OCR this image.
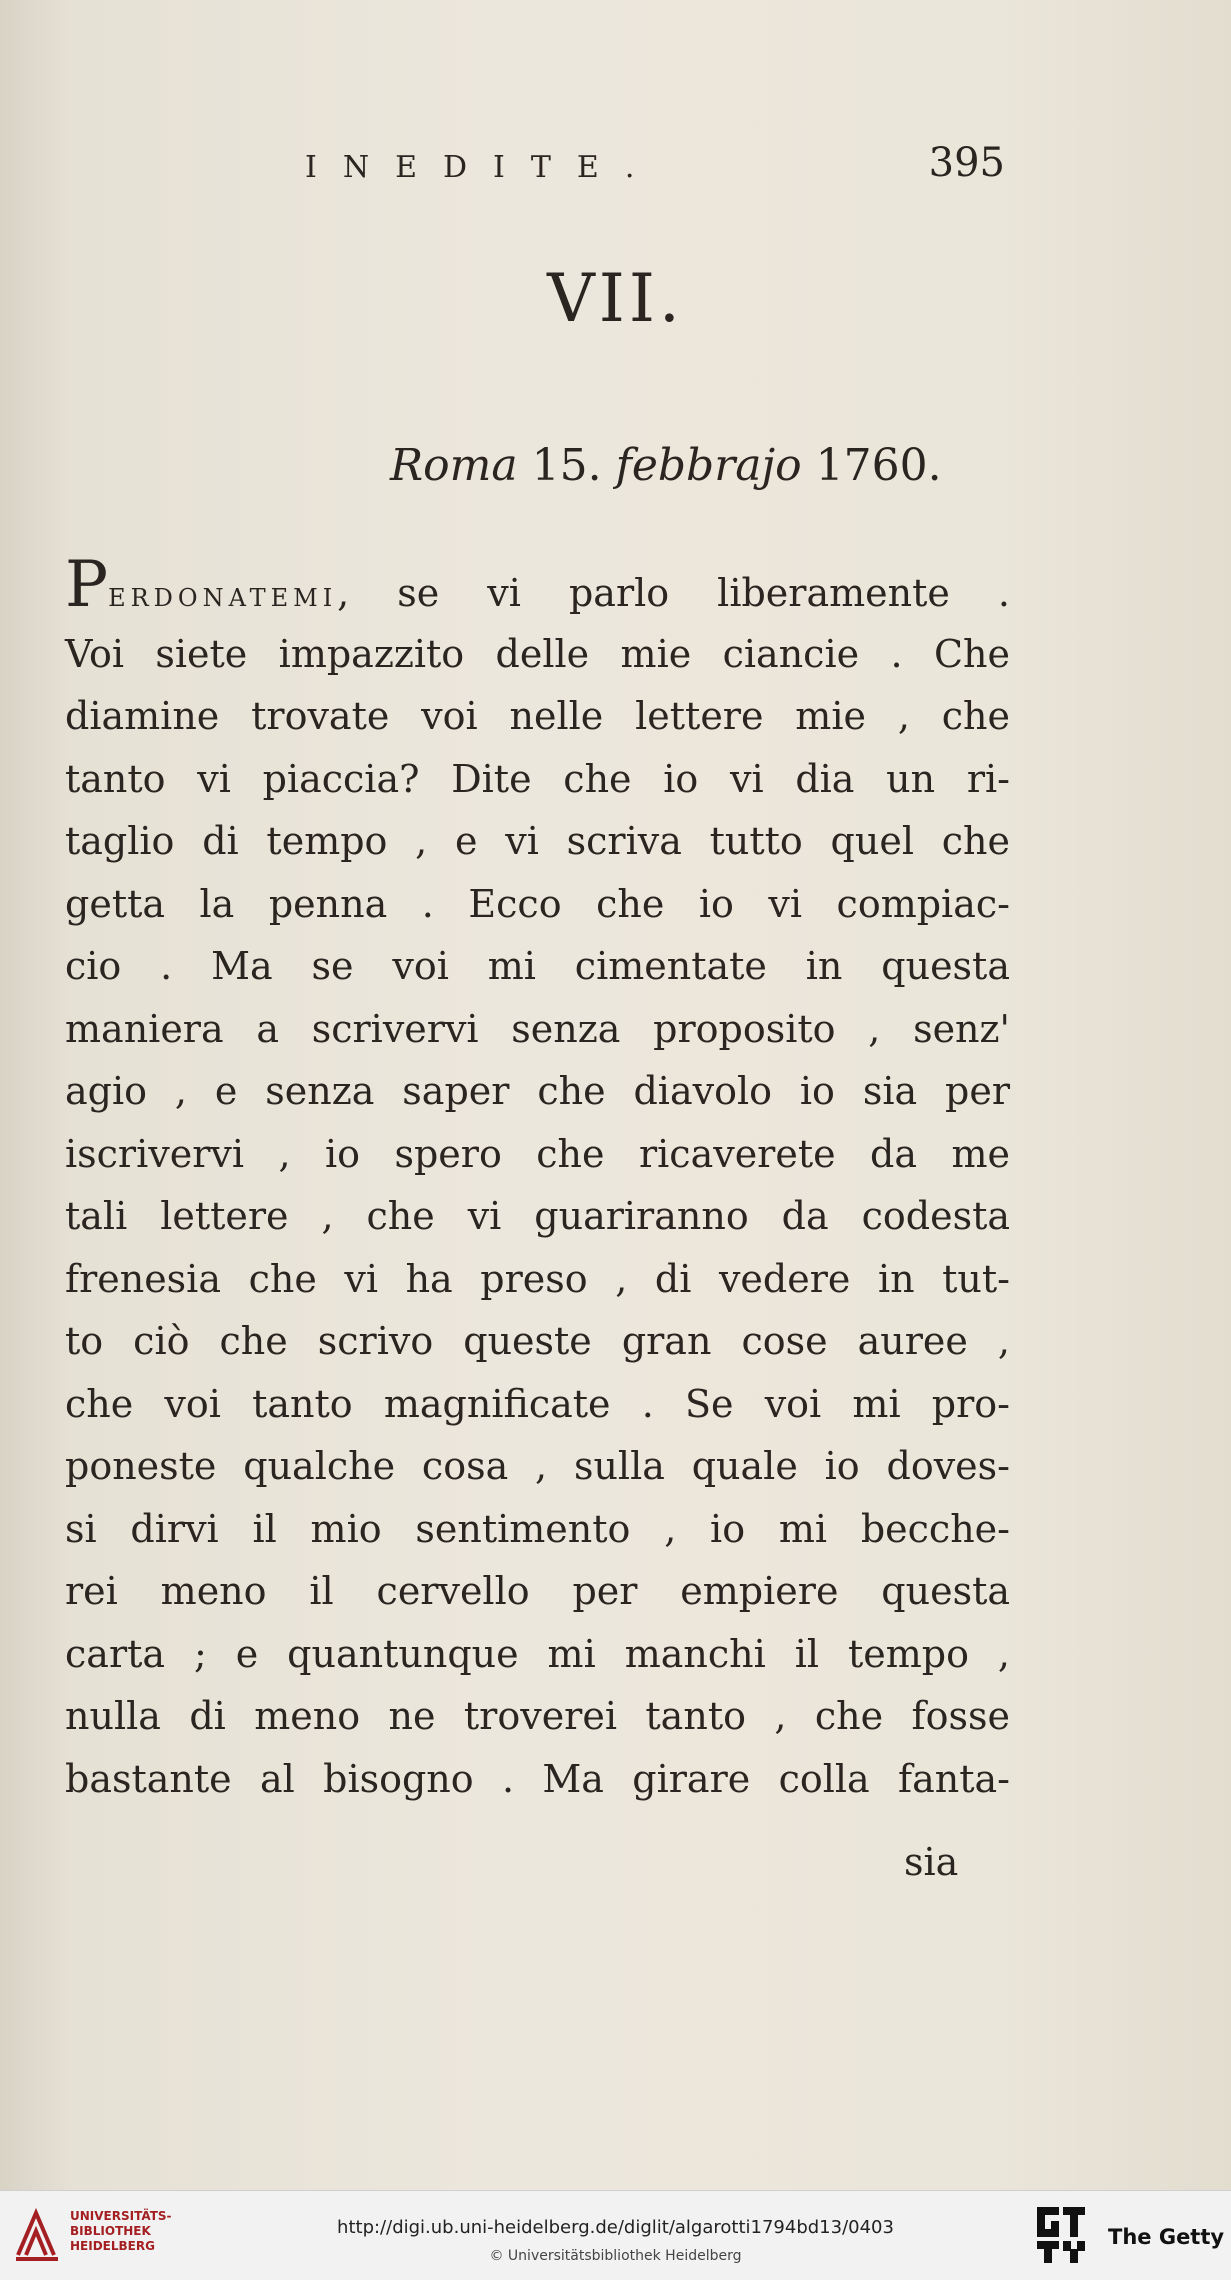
INEDITE.	395
VII.
Roma 15. febbrajo 1760.
PERDONATEMI, se vi parlo liberamente .
Voi siete impazzito delle mie ciancie . Che
diamine trovate voi nelle lettere mie , che
tanto vi piaccia? Dite che io vi dia un ri-
taglio di tempo , e vi scriva tutto quel che
getta la penna . Ecco che io vi compiac-
cio . Ma se voi mi cimentate in questa
maniera a scrivervi senza proposito , senz'
agio , e senza saper che diavolo io sia per
iscrivervi , io spero che ricaverete da me
tali lettere , che vi guariranno da codesta
frenesia che vi ha preso , di vedere in tut-
to ciò che scrivo queste gran cose auree ,
che voi tanto magnificate . Se voi mi pro-
poneste qualche cosa , sulla quale io doves-
si dirvi il mio sentimento , io mi becche-
rei meno il cervello per empiere questa
carta ; e quantunque mi manchi il tempo ,
nulla di meno ne troverei tanto , che fosse
bastante al bisogno . Ma girare colla fanta-
sia
UNIVERSITÄTS-
BIBLIOTHEK
HEIDELBERG
http://digi.ub.uni-heidelberg.de/diglit/algarotti1794bd13/0403
© Universitätsbibliothek Heidelberg
The Getty
